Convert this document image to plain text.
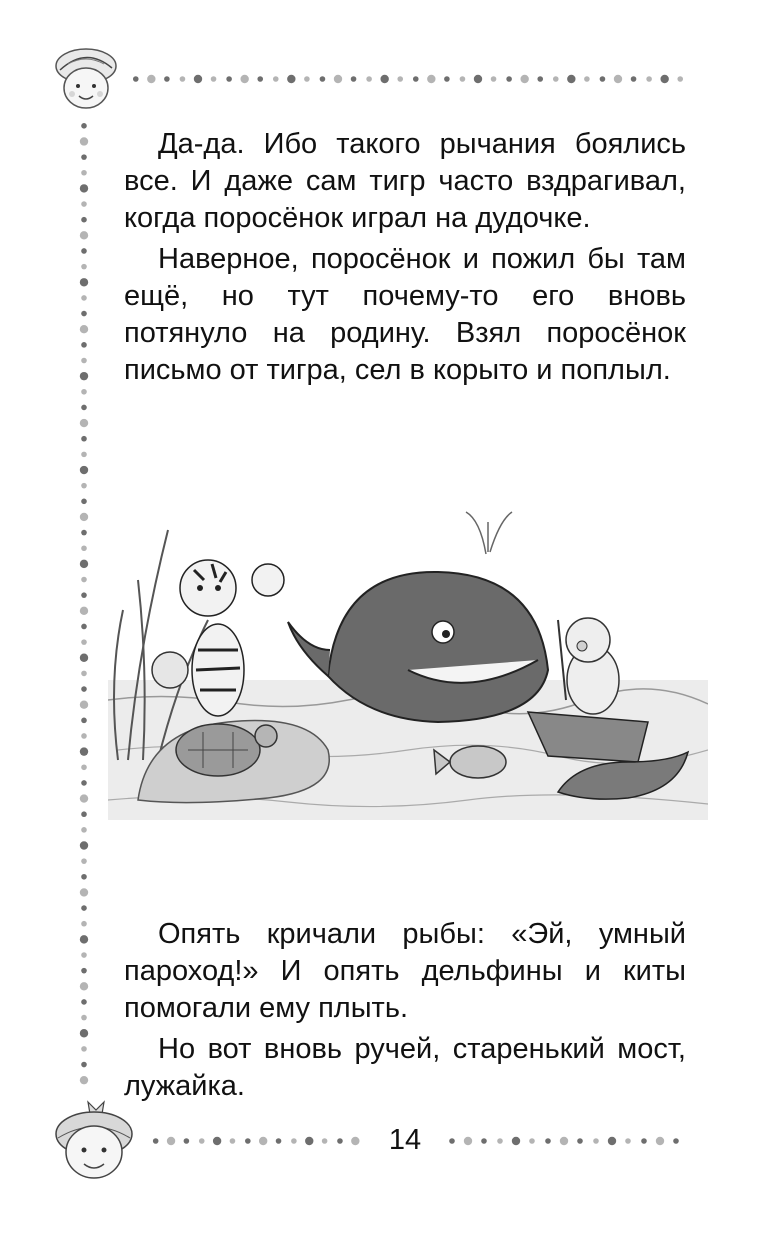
Да-да. Ибо такого рычания боялись все. И даже сам тигр часто вздрагивал, когда поросёнок играл на дудочке.

Наверное, поросёнок и пожил бы там ещё, но тут почему-то его вновь потянуло на родину. Взял поросёнок письмо от тигра, сел в корыто и поплыл.

Опять кричали рыбы: «Эй, умный пароход!» И опять дельфины и киты помогали ему плыть.

Но вот вновь ручей, старенький мост, лужайка.

14
